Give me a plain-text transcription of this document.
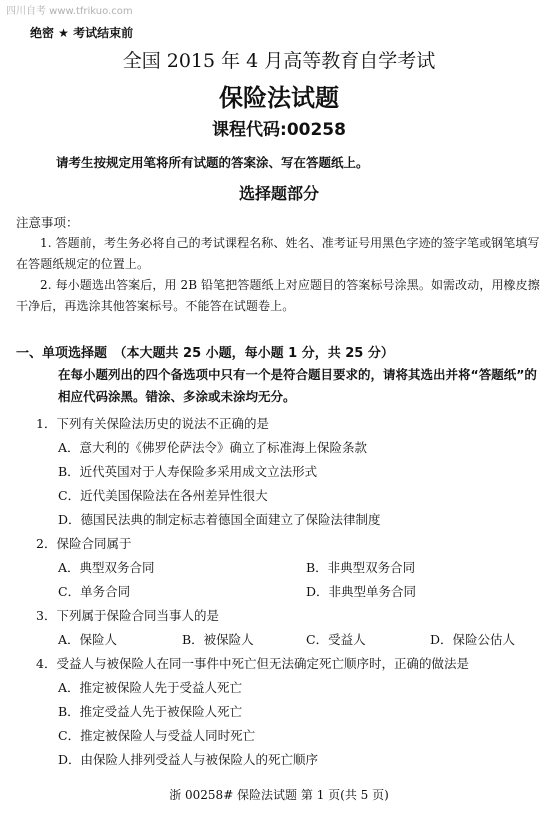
四川自考 www.tfrikuo.com
绝密 ★ 考试结束前
全国 2015 年 4 月高等教育自学考试
保险法试题
课程代码:00258
请考生按规定用笔将所有试题的答案涂、写在答题纸上。
选择题部分
注意事项：
1. 答题前，考生务必将自己的考试课程名称、姓名、准考证号用黑色字迹的签字笔或钢笔填写在答题纸规定的位置上。
2. 每小题选出答案后，用 2B 铅笔把答题纸上对应题目的答案标号涂黑。如需改动，用橡皮擦干净后，再选涂其他答案标号。不能答在试题卷上。
一、单项选择题　（本大题共 25 小题，每小题 1 分，共 25 分）
在每小题列出的四个备选项中只有一个是符合题目要求的，请将其选出并将“答题纸”的相应代码涂黑。错涂、多涂或未涂均无分。
1．下列有关保险法历史的说法不正确的是
A．意大利的《佛罗伦萨法令》确立了标准海上保险条款
B．近代英国对于人寿保险多采用成文立法形式
C．近代美国保险法在各州差异性很大
D．德国民法典的制定标志着德国全面建立了保险法律制度
2．保险合同属于
A．典型双务合同	B．非典型双务合同
C．单务合同	D．非典型单务合同
3．下列属于保险合同当事人的是
A．保险人	B．被保险人	C．受益人	D．保险公估人
4．受益人与被保险人在同一事件中死亡但无法确定死亡顺序时，正确的做法是
A．推定被保险人先于受益人死亡
B．推定受益人先于被保险人死亡
C．推定被保险人与受益人同时死亡
D．由保险人排列受益人与被保险人的死亡顺序
浙 00258# 保险法试题 第 1 页(共 5 页)
